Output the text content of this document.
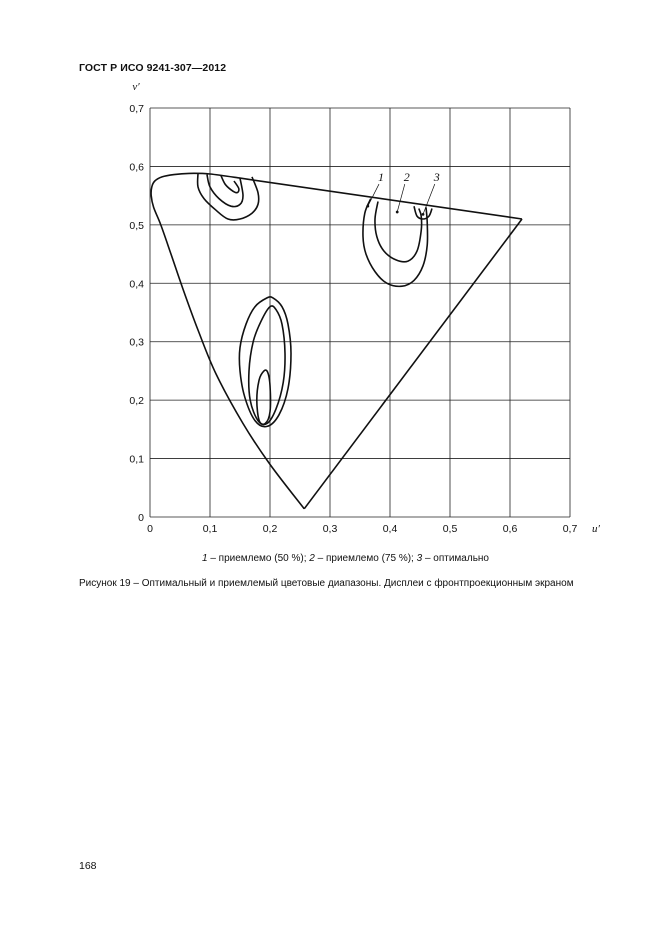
ГОСТ Р ИСО 9241-307—2012
0	0,1	0,2	0,3	0,4	0,5	0,6	0,7
0
0,1
0,2
0,3
0,4
0,5
0,6
0,7
u′
v′
1 2 3
1 – приемлемо (50 %); 2 – приемлемо (75 %); 3 – оптимально
Рисунок 19 – Оптимальный и приемлемый цветовые диапазоны. Дисплеи с фронтпроекционным экраном
168
